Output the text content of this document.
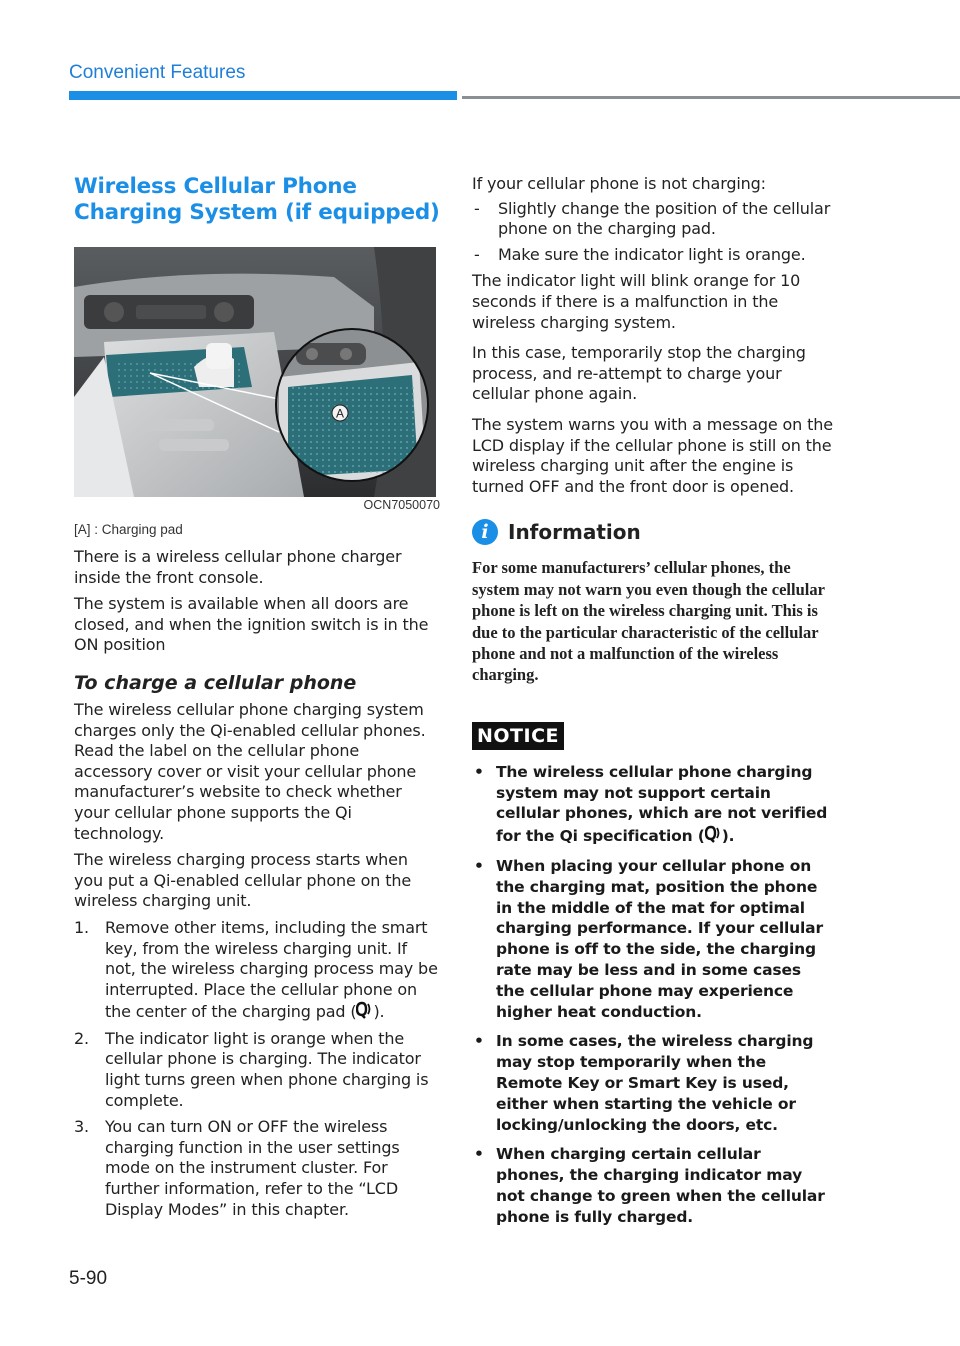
Convenient Features
Wireless Cellular Phone Charging System (if equipped)
A
OCN7050070
[A] : Charging pad

There is a wireless cellular phone charger inside the front console.

The system is available when all doors are closed, and when the ignition switch is in the ON position

To charge a cellular phone

The wireless cellular phone charging system charges only the Qi-enabled cellular phones. Read the label on the cellular phone accessory cover or visit your cellular phone manufacturer’s website to check whether your cellular phone supports the Qi technology.

The wireless charging process starts when you put a Qi-enabled cellular phone on the wireless charging unit.

1.	Remove other items, including the smart key, from the wireless charging unit. If not, the wireless charging process may be interrupted. Place the cellular phone on the center of the charging pad ( ).
2.	The indicator light is orange when the cellular phone is charging. The indicator light turns green when phone charging is complete.
3.	You can turn ON or OFF the wireless charging function in the user settings mode on the instrument cluster. For further information, refer to the “LCD Display Modes” in this chapter.

If your cellular phone is not charging:

-	Slightly change the position of the cellular phone on the charging pad.
-	Make sure the indicator light is orange.

The indicator light will blink orange for 10 seconds if there is a malfunction in the wireless charging system.

In this case, temporarily stop the charging process, and re-attempt to charge your cellular phone again.

The system warns you with a message on the LCD display if the cellular phone is still on the wireless charging unit after the engine is turned OFF and the front door is opened.

i Information

For some manufacturers’ cellular phones, the system may not warn you even though the cellular phone is left on the wireless charging unit. This is due to the particular characteristic of the cellular phone and not a malfunction of the wireless charging.

NOTICE
• The wireless cellular phone charging system may not support certain cellular phones, which are not verified for the Qi specification ( ).
• When placing your cellular phone on the charging mat, position the phone in the middle of the mat for optimal charging performance. If your cellular phone is off to the side, the charging rate may be less and in some cases the cellular phone may experience higher heat conduction.
• In some cases, the wireless charging may stop temporarily when the Remote Key or Smart Key is used, either when starting the vehicle or locking/unlocking the doors, etc.
• When charging certain cellular phones, the charging indicator may not change to green when the cellular phone is fully charged.
5-90
